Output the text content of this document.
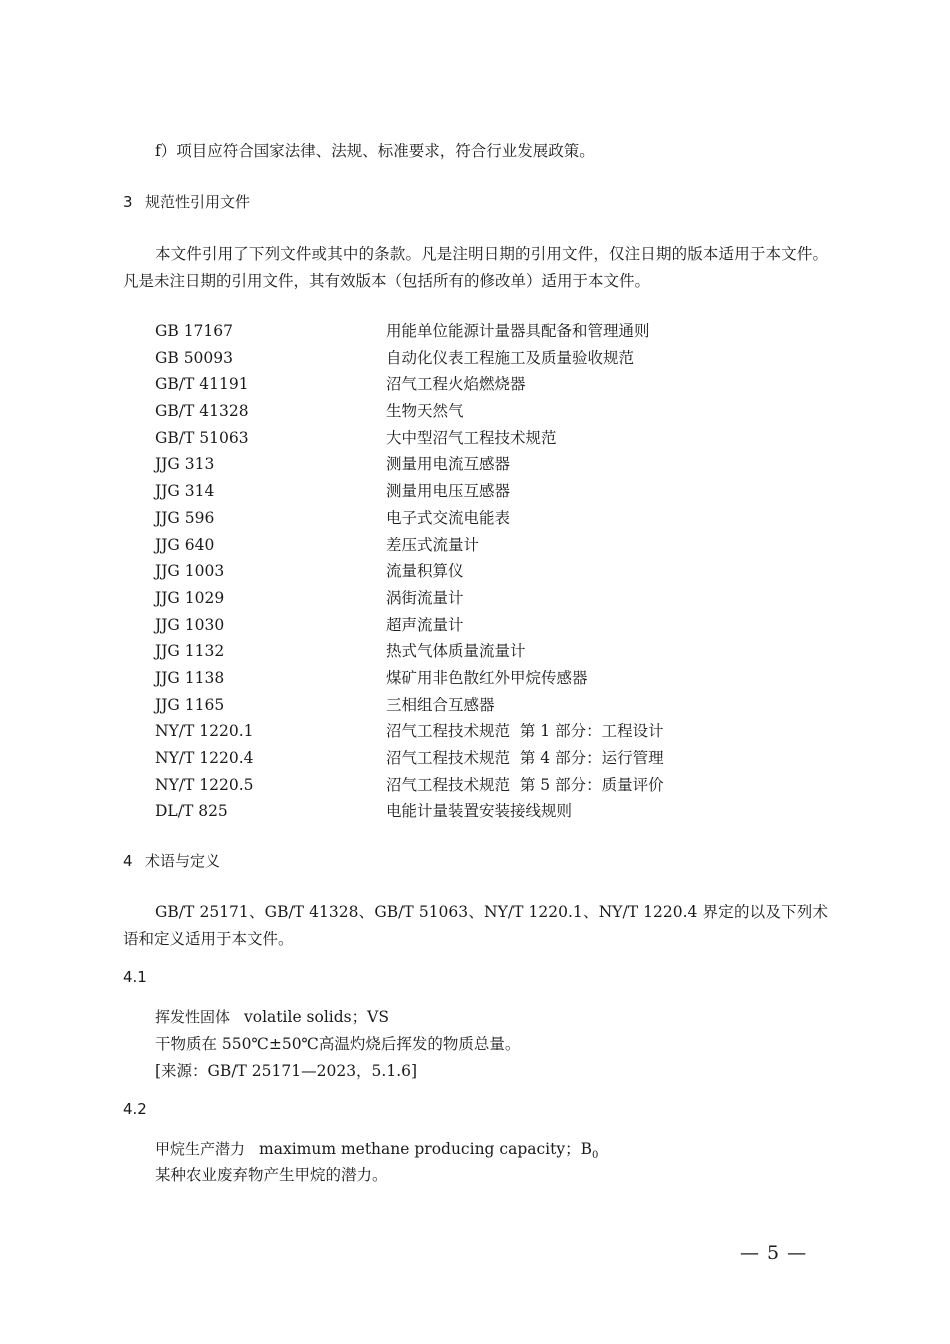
f）项目应符合国家法律、法规、标准要求，符合行业发展政策。
3 规范性引用文件
本文件引用了下列文件或其中的条款。凡是注明日期的引用文件，仅注日期的版本适用于本文件。凡是未注日期的引用文件，其有效版本（包括所有的修改单）适用于本文件。
GB 17167	用能单位能源计量器具配备和管理通则
GB 50093	自动化仪表工程施工及质量验收规范
GB/T 41191	沼气工程火焰燃烧器
GB/T 41328	生物天然气
GB/T 51063	大中型沼气工程技术规范
JJG 313	测量用电流互感器
JJG 314	测量用电压互感器
JJG 596	电子式交流电能表
JJG 640	差压式流量计
JJG 1003	流量积算仪
JJG 1029	涡街流量计
JJG 1030	超声流量计
JJG 1132	热式气体质量流量计
JJG 1138	煤矿用非色散红外甲烷传感器
JJG 1165	三相组合互感器
NY/T 1220.1	沼气工程技术规范  第 1 部分：工程设计
NY/T 1220.4	沼气工程技术规范  第 4 部分：运行管理
NY/T 1220.5	沼气工程技术规范  第 5 部分：质量评价
DL/T 825	电能计量装置安装接线规则
4 术语与定义
GB/T 25171、GB/T 41328、GB/T 51063、NY/T 1220.1、NY/T 1220.4 界定的以及下列术语和定义适用于本文件。
4.1
挥发性固体 volatile solids；VS
干物质在 550℃±50℃高温灼烧后挥发的物质总量。
[来源：GB/T 25171—2023，5.1.6]
4.2
甲烷生产潜力 maximum methane producing capacity；$B_0$
某种农业废弃物产生甲烷的潜力。
— 5 —
